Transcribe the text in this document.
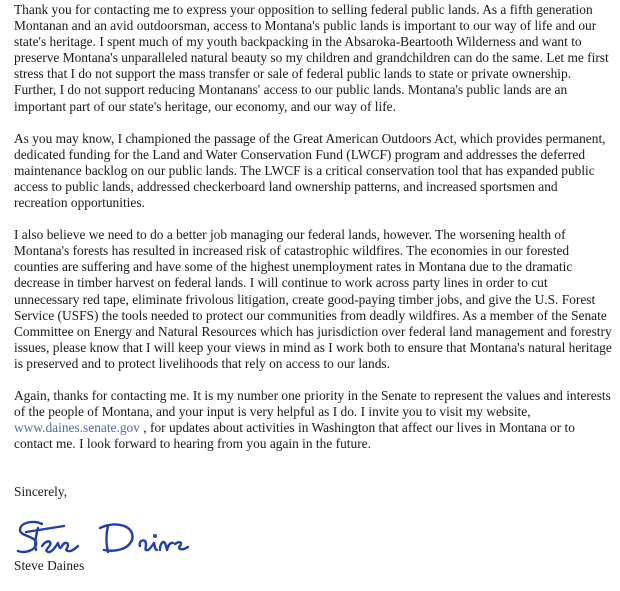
Thank you for contacting me to express your opposition to selling federal public lands. As a fifth generation Montanan and an avid outdoorsman, access to Montana's public lands is important to our way of life and our state's heritage. I spent much of my youth backpacking in the Absaroka-Beartooth Wilderness and want to preserve Montana's unparalleled natural beauty so my children and grandchildren can do the same. Let me first stress that I do not support the mass transfer or sale of federal public lands to state or private ownership. Further, I do not support reducing Montanans' access to our public lands. Montana's public lands are an important part of our state's heritage, our economy, and our way of life.

As you may know, I championed the passage of the Great American Outdoors Act, which provides permanent, dedicated funding for the Land and Water Conservation Fund (LWCF) program and addresses the deferred maintenance backlog on our public lands. The LWCF is a critical conservation tool that has expanded public access to public lands, addressed checkerboard land ownership patterns, and increased sportsmen and recreation opportunities.

I also believe we need to do a better job managing our federal lands, however. The worsening health of Montana's forests has resulted in increased risk of catastrophic wildfires. The economies in our forested counties are suffering and have some of the highest unemployment rates in Montana due to the dramatic decrease in timber harvest on federal lands. I will continue to work across party lines in order to cut unnecessary red tape, eliminate frivolous litigation, create good-paying timber jobs, and give the U.S. Forest Service (USFS) the tools needed to protect our communities from deadly wildfires. As a member of the Senate Committee on Energy and Natural Resources which has jurisdiction over federal land management and forestry issues, please know that I will keep your views in mind as I work both to ensure that Montana's natural heritage is preserved and to protect livelihoods that rely on access to our lands.

Again, thanks for contacting me. It is my number one priority in the Senate to represent the values and interests of the people of Montana, and your input is very helpful as I do. I invite you to visit my website, www.daines.senate.gov , for updates about activities in Washington that affect our lives in Montana or to contact me. I look forward to hearing from you again in the future.

Sincerely,

Steve Daines
